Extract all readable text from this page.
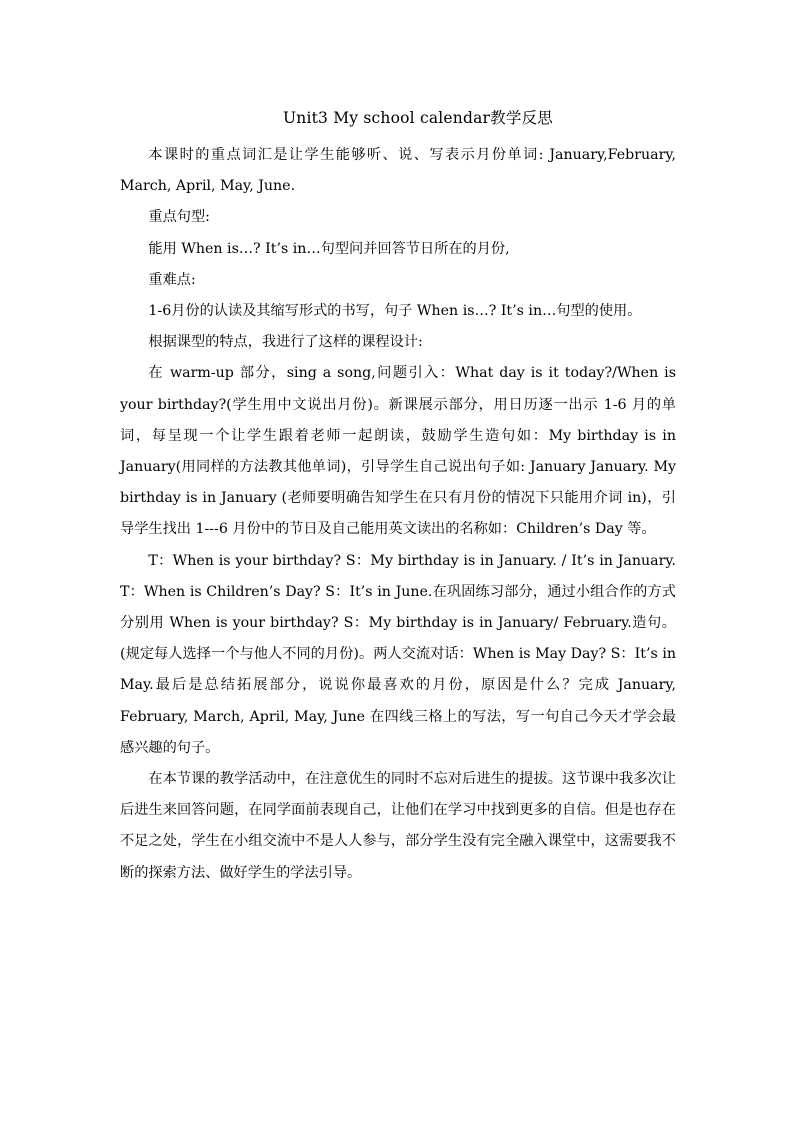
Unit3 My school calendar教学反思

本课时的重点词汇是让学生能够听、说、写表示月份单词: January,February, March, April, May, June.

重点句型:

能用 When is…? It’s in…句型问并回答节日所在的月份,

重难点:

1-6月份的认读及其缩写形式的书写，句子 When is…? It’s in…句型的使用。

根据课型的特点，我进行了这样的课程设计:

在 warm-up 部分，sing a song,问题引入：What day is it today?/When is your birthday?(学生用中文说出月份)。新课展示部分，用日历逐一出示 1-6 月的单词，每呈现一个让学生跟着老师一起朗读，鼓励学生造句如：My birthday is in January(用同样的方法教其他单词)，引导学生自己说出句子如: January January. My birthday is in January (老师要明确告知学生在只有月份的情况下只能用介词 in)，引导学生找出 1---6 月份中的节日及自己能用英文读出的名称如：Children’s Day 等。

T：When is your birthday? S：My birthday is in January. / It’s in January. T：When is Children’s Day? S：It’s in June.在巩固练习部分，通过小组合作的方式分别用 When is your birthday? S：My birthday is in January/ February.造句。(规定每人选择一个与他人不同的月份)。两人交流对话：When is May Day? S：It’s in May.最后是总结拓展部分，说说你最喜欢的月份，原因是什么？完成 January, February, March, April, May, June 在四线三格上的写法，写一句自己今天才学会最感兴趣的句子。

在本节课的教学活动中，在注意优生的同时不忘对后进生的提拔。这节课中我多次让后进生来回答问题，在同学面前表现自己，让他们在学习中找到更多的自信。但是也存在不足之处，学生在小组交流中不是人人参与，部分学生没有完全融入课堂中，这需要我不断的探索方法、做好学生的学法引导。
